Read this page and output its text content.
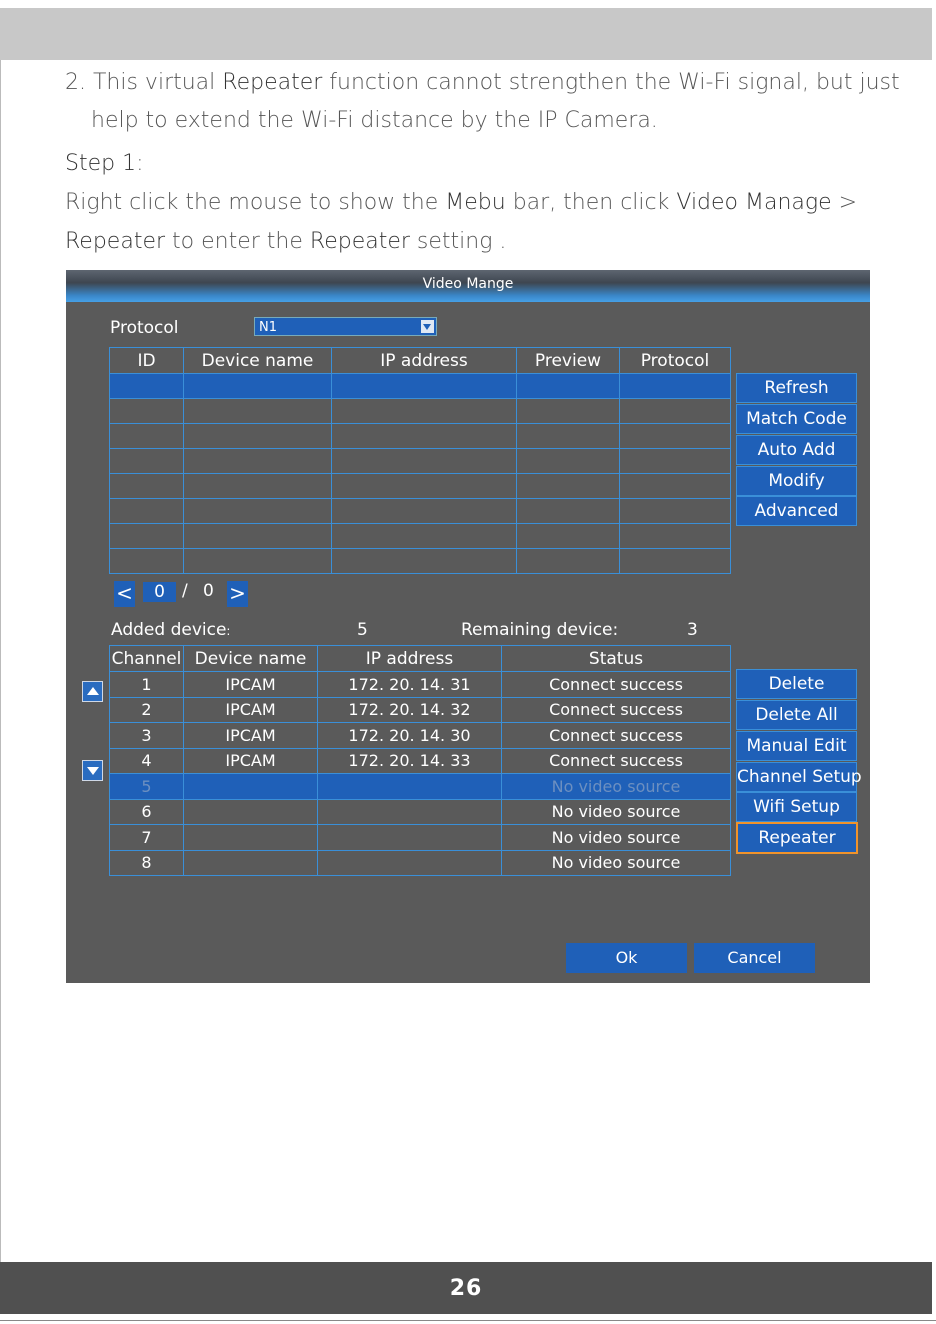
2. This virtual Repeater function cannot strengthen the Wi-Fi signal, but just
help to extend the Wi-Fi distance by the IP Camera.
Step 1:
Right click the mouse to show the Mebu bar, then click Video Manage >
Repeater to enter the Repeater setting .
Video Mange
Protocol	N1
ID	Device name	IP address	Preview	Protocol

Refresh
Match Code
Auto Add
Modify
Advanced
<	0	/ 0 >
Added device:	5	Remaining device:	3
Channel	Device name	IP address	Status
1	IPCAM	172. 20. 14. 31	Connect success
2	IPCAM	172. 20. 14. 32	Connect success
3	IPCAM	172. 20. 14. 30	Connect success
4	IPCAM	172. 20. 14. 33	Connect success
5			No video source
6			No video source
7			No video source
8			No video source
Delete
Delete All
Manual Edit
Channel Setup
Wifi Setup
Repeater
Ok	Cancel
26
